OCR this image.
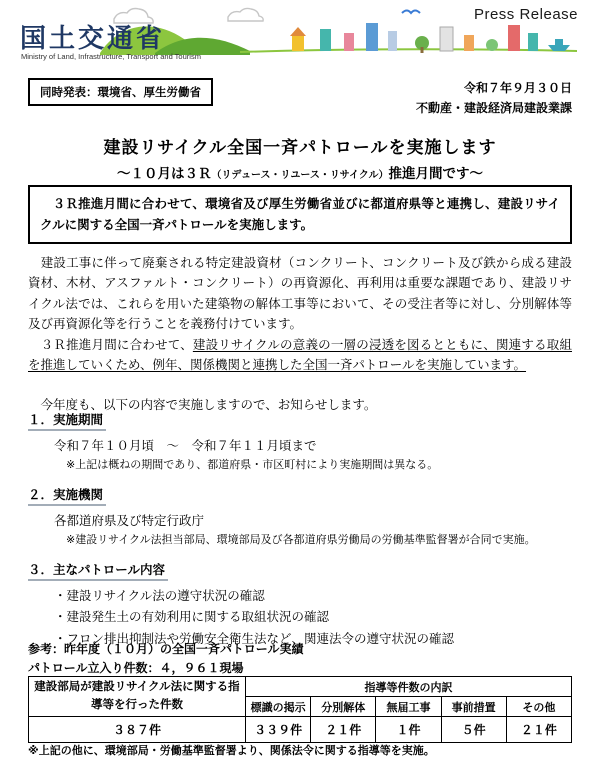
Press Release
国土交通省
Ministry of Land, Infrastructure, Transport and Tourism
同時発表：環境省、厚生労働省	令和７年９月３０日
不動産・建設経済局建設業課
建設リサイクル全国一斉パトロールを実施します
～１０月は３Ｒ（リデュース・リユース・リサイクル）推進月間です～
　３Ｒ推進月間に合わせて、環境省及び厚生労働省並びに都道府県等と連携し、建設リサイクルに関する全国一斉パトロールを実施します。

　建設工事に伴って廃棄される特定建設資材（コンクリート、コンクリート及び鉄から成る建設資材、木材、アスファルト・コンクリート）の再資源化、再利用は重要な課題であり、建設リサイクル法では、これらを用いた建築物の解体工事等において、その受注者等に対し、分別解体等及び再資源化等を行うことを義務付けています。

　３Ｒ推進月間に合わせて、建設リサイクルの意義の一層の浸透を図るとともに、関連する取組を推進していくため、例年、関係機関と連携した全国一斉パトロールを実施しています。

　今年度も、以下の内容で実施しますので、お知らせします。

１．実施期間
令和７年１０月頃　～　令和７年１１月頃まで
※上記は概ねの期間であり、都道府県・市区町村により実施期間は異なる。
２．実施機関
各都道府県及び特定行政庁
※建設リサイクル法担当部局、環境部局及び各都道府県労働局の労働基準監督署が合同で実施。
３．主なパトロール内容
・建設リサイクル法の遵守状況の確認
・建設発生土の有効利用に関する取組状況の確認
・フロン排出抑制法や労働安全衛生法など、関連法令の遵守状況の確認
参考：昨年度（１０月）の全国一斉パトロール実績
パトロール立入り件数：４，９６１現場
建設部局が建設リサイクル法に関する指導等を行った件数	指導等件数の内訳				
	標識の掲示	分別解体	無届工事	事前措置	その他
３８７件	３３９件	２１件	１件	５件	２１件
※上記の他に、環境部局・労働基準監督署より、関係法令に関する指導等を実施。
